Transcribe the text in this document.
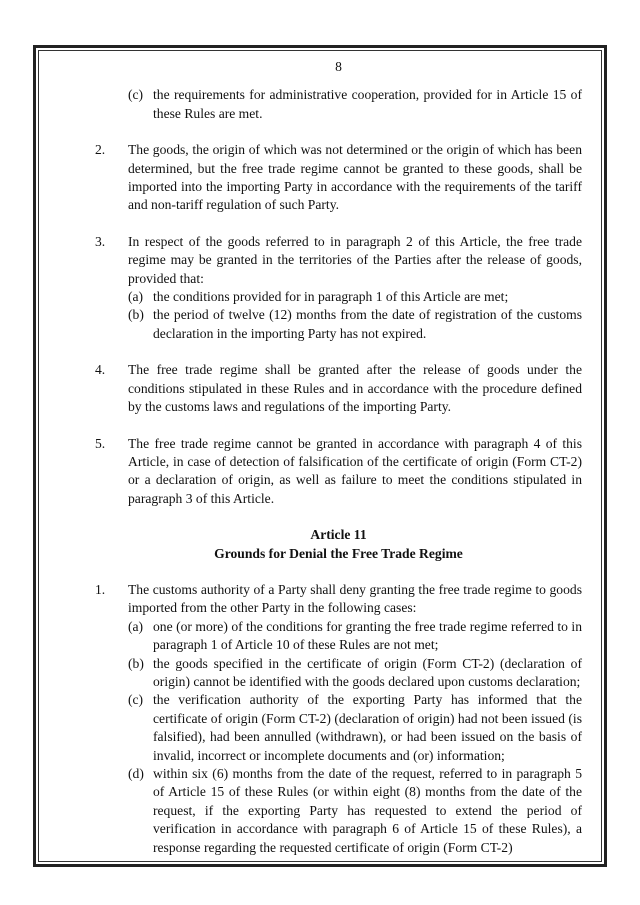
8
(c) the requirements for administrative cooperation, provided for in Article 15 of these Rules are met.
2.	The goods, the origin of which was not determined or the origin of which has been determined, but the free trade regime cannot be granted to these goods, shall be imported into the importing Party in accordance with the requirements of the tariff and non-tariff regulation of such Party.
3.	In respect of the goods referred to in paragraph 2 of this Article, the free trade regime may be granted in the territories of the Parties after the release of goods, provided that:
(a) the conditions provided for in paragraph 1 of this Article are met;
(b) the period of twelve (12) months from the date of registration of the customs declaration in the importing Party has not expired.
4.	The free trade regime shall be granted after the release of goods under the conditions stipulated in these Rules and in accordance with the procedure defined by the customs laws and regulations of the importing Party.
5.	The free trade regime cannot be granted in accordance with paragraph 4 of this Article, in case of detection of falsification of the certificate of origin (Form CT-2) or a declaration of origin, as well as failure to meet the conditions stipulated in paragraph 3 of this Article.
Article 11
Grounds for Denial the Free Trade Regime
1.	The customs authority of a Party shall deny granting the free trade regime to goods imported from the other Party in the following cases:
(a) one (or more) of the conditions for granting the free trade regime referred to in paragraph 1 of Article 10 of these Rules are not met;
(b) the goods specified in the certificate of origin (Form CT-2) (declaration of origin) cannot be identified with the goods declared upon customs declaration;
(c) the verification authority of the exporting Party has informed that the certificate of origin (Form CT-2) (declaration of origin) had not been issued (is falsified), had been annulled (withdrawn), or had been issued on the basis of invalid, incorrect or incomplete documents and (or) information;
(d) within six (6) months from the date of the request, referred to in paragraph 5 of Article 15 of these Rules (or within eight (8) months from the date of the request, if the exporting Party has requested to extend the period of verification in accordance with paragraph 6 of Article 15 of these Rules), a response regarding the requested certificate of origin (Form CT-2)
